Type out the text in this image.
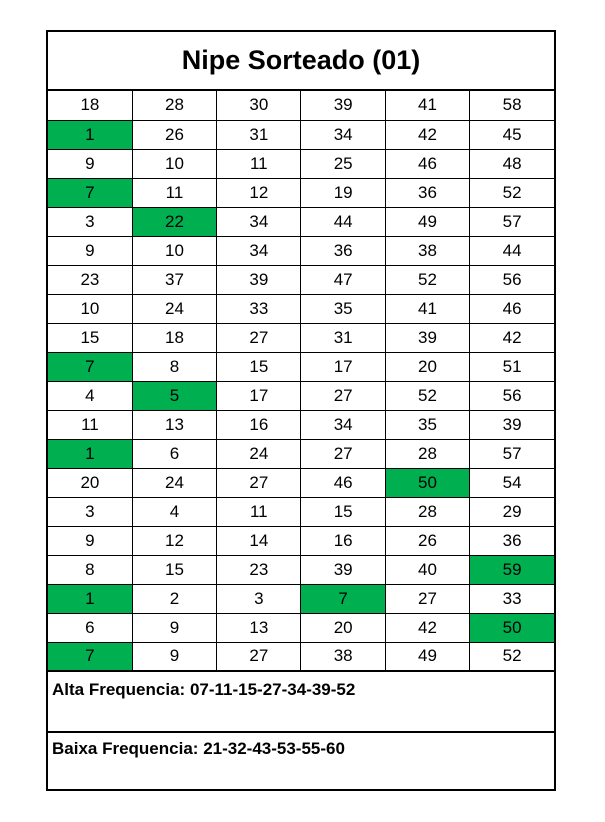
Nipe Sorteado (01)
18	28	30	39	41	58
1	26	31	34	42	45
9	10	11	25	46	48
7	11	12	19	36	52
3	22	34	44	49	57
9	10	34	36	38	44
23	37	39	47	52	56
10	24	33	35	41	46
15	18	27	31	39	42
7	8	15	17	20	51
4	5	17	27	52	56
11	13	16	34	35	39
1	6	24	27	28	57
20	24	27	46	50	54
3	4	11	15	28	29
9	12	14	16	26	36
8	15	23	39	40	59
1	2	3	7	27	33
6	9	13	20	42	50
7	9	27	38	49	52
Alta Frequencia: 07-11-15-27-34-39-52
Baixa Frequencia: 21-32-43-53-55-60
